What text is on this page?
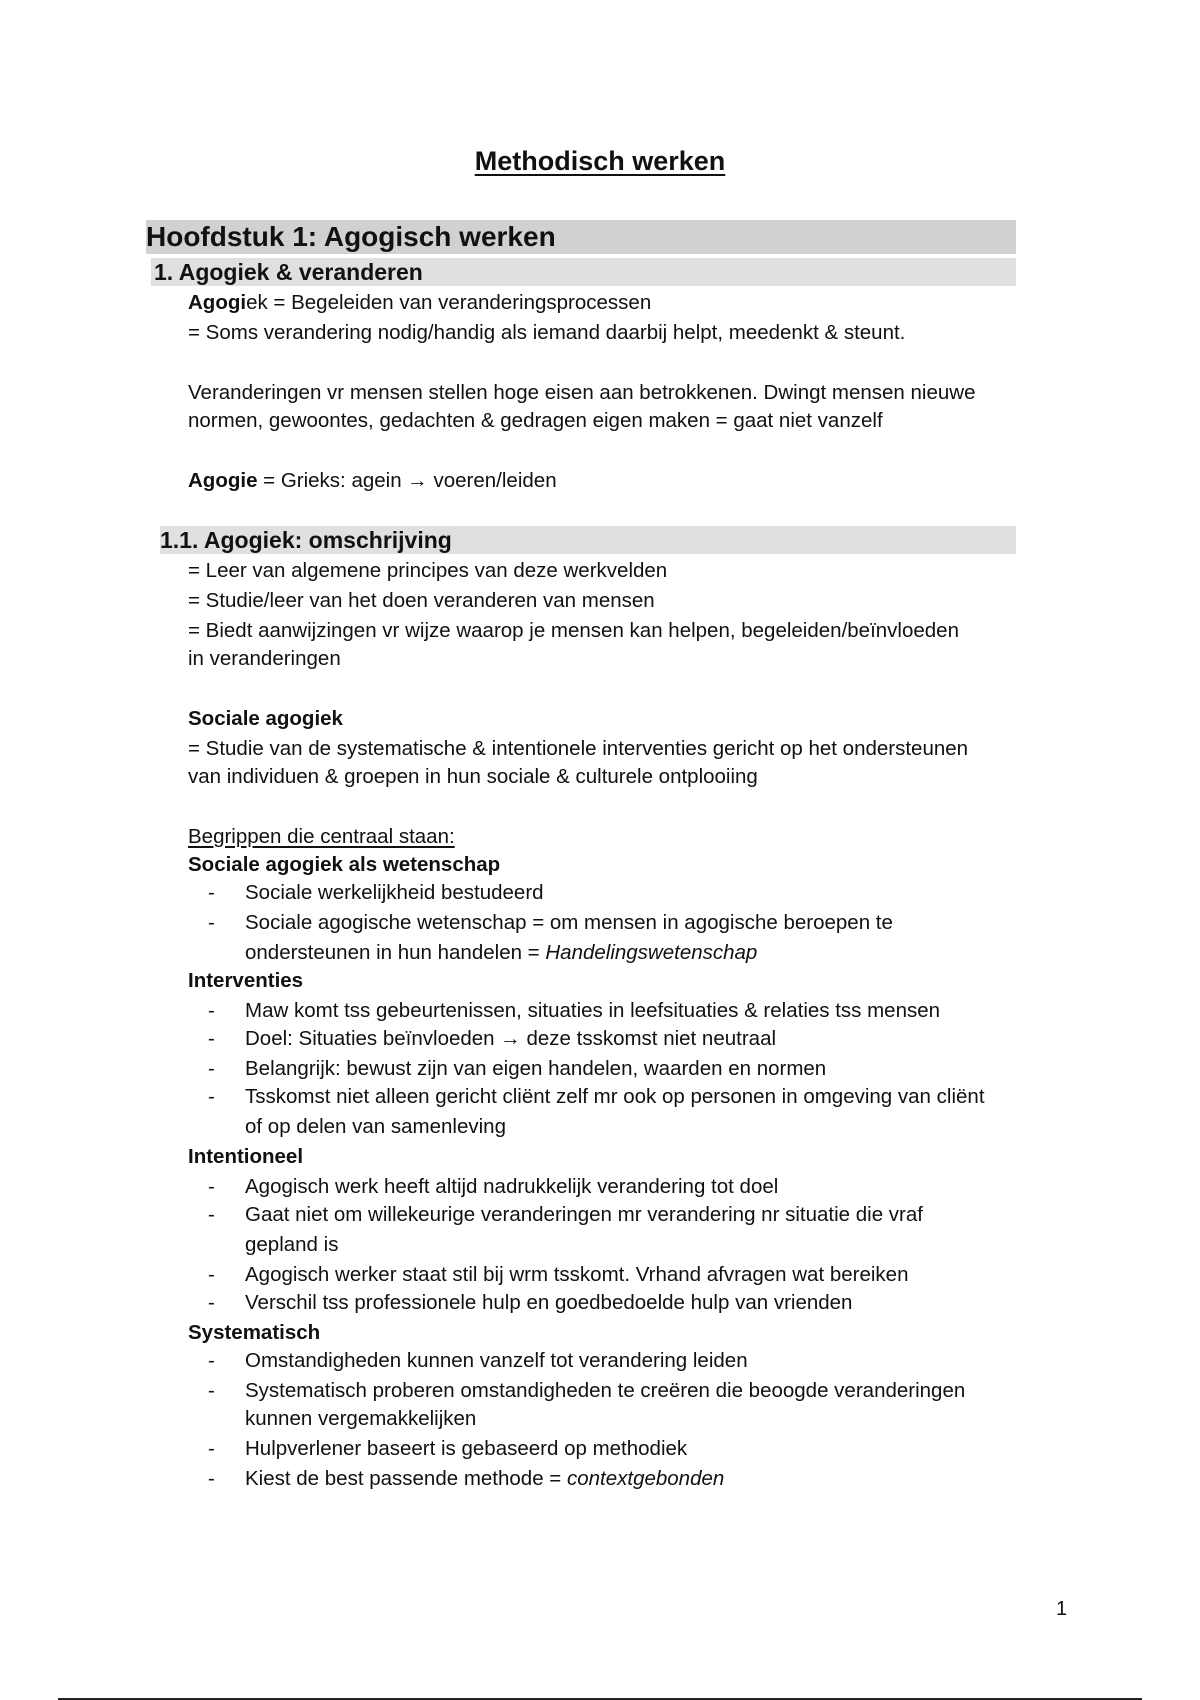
Methodisch werken
Hoofdstuk 1: Agogisch werken
1. Agogiek & veranderen
Agogiek = Begeleiden van veranderingsprocessen
= Soms verandering nodig/handig als iemand daarbij helpt, meedenkt & steunt.
Veranderingen vr mensen stellen hoge eisen aan betrokkenen. Dwingt mensen nieuwe
normen, gewoontes, gedachten & gedragen eigen maken = gaat niet vanzelf
Agogie = Grieks: agein → voeren/leiden
1.1. Agogiek: omschrijving
= Leer van algemene principes van deze werkvelden
= Studie/leer van het doen veranderen van mensen
= Biedt aanwijzingen vr wijze waarop je mensen kan helpen, begeleiden/beïnvloeden
in veranderingen
Sociale agogiek
= Studie van de systematische & intentionele interventies gericht op het ondersteunen
van individuen & groepen in hun sociale & culturele ontplooiing
Begrippen die centraal staan:
Sociale agogiek als wetenschap
- Sociale werkelijkheid bestudeerd
- Sociale agogische wetenschap = om mensen in agogische beroepen te
ondersteunen in hun handelen = Handelingswetenschap
Interventies
- Maw komt tss gebeurtenissen, situaties in leefsituaties & relaties tss mensen
- Doel: Situaties beïnvloeden → deze tsskomst niet neutraal
- Belangrijk: bewust zijn van eigen handelen, waarden en normen
- Tsskomst niet alleen gericht cliënt zelf mr ook op personen in omgeving van cliënt
of op delen van samenleving
Intentioneel
- Agogisch werk heeft altijd nadrukkelijk verandering tot doel
- Gaat niet om willekeurige veranderingen mr verandering nr situatie die vraf
gepland is
- Agogisch werker staat stil bij wrm tsskomt. Vrhand afvragen wat bereiken
- Verschil tss professionele hulp en goedbedoelde hulp van vrienden
Systematisch
- Omstandigheden kunnen vanzelf tot verandering leiden
- Systematisch proberen omstandigheden te creëren die beoogde veranderingen
kunnen vergemakkelijken
- Hulpverlener baseert is gebaseerd op methodiek
- Kiest de best passende methode = contextgebonden
1
